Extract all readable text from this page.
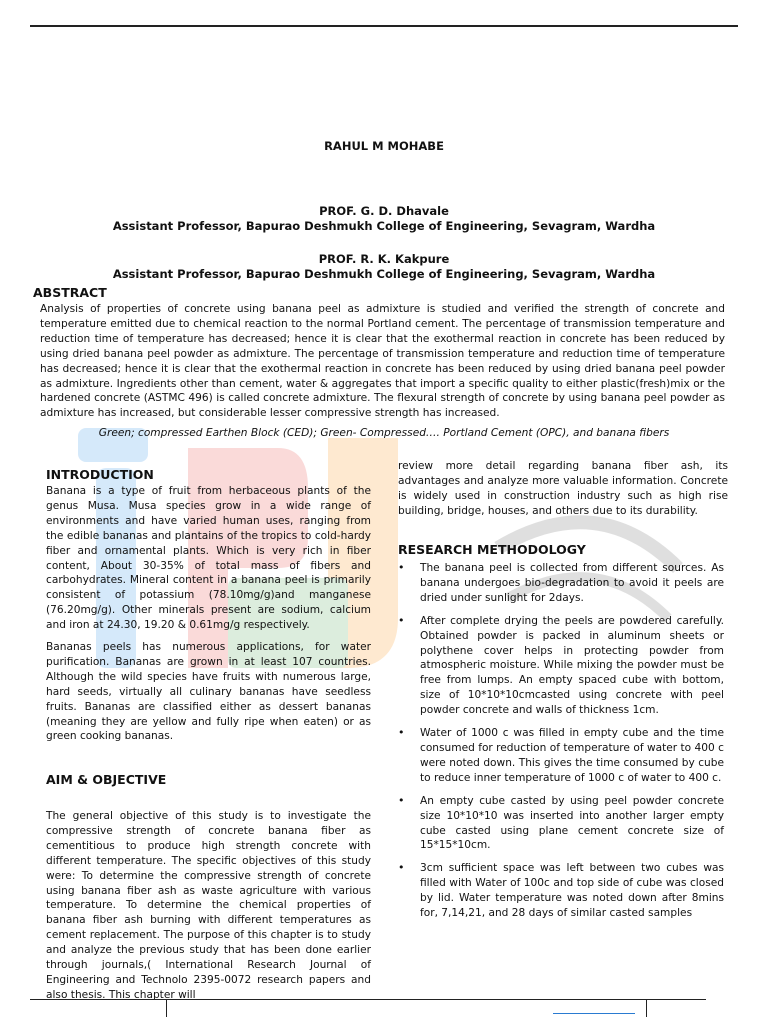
RAHUL M MOHABE
PROF. G. D. Dhavale
Assistant Professor, Bapurao Deshmukh College of Engineering, Sevagram, Wardha
PROF. R. K. Kakpure
Assistant Professor, Bapurao Deshmukh College of Engineering, Sevagram, Wardha
ABSTRACT

Analysis of properties of concrete using banana peel as admixture is studied and verified the strength of concrete and temperature emitted due to chemical reaction to the normal Portland cement. The percentage of transmission temperature and reduction time of temperature has decreased; hence it is clear that the exothermal reaction in concrete has been reduced by using dried banana peel powder as admixture. The percentage of transmission temperature and reduction time of temperature has decreased; hence it is clear that the exothermal reaction in concrete has been reduced by using dried banana peel powder as admixture. Ingredients other than cement, water & aggregates that import a specific quality to either plastic(fresh)mix or the hardened concrete (ASTMC 496) is called concrete admixture. The flexural strength of concrete by using banana peel powder as admixture has increased, but considerable lesser compressive strength has increased.

Green; compressed Earthen Block (CED); Green- Compressed…. Portland Cement (OPC), and banana fibers
INTRODUCTION

Banana is a type of fruit from herbaceous plants of the genus Musa. Musa species grow in a wide range of environments and have varied human uses, ranging from the edible bananas and plantains of the tropics to cold-hardy fiber and ornamental plants. Which is very rich in fiber content, About 30-35% of total mass of fibers and carbohydrates. Mineral content in a banana peel is primarily consistent of potassium (78.10mg/g)and manganese (76.20mg/g). Other minerals present are sodium, calcium and iron at 24.30, 19.20 & 0.61mg/g respectively.

Bananas peels has numerous applications, for water purification. Bananas are grown in at least 107 countries. Although the wild species have fruits with numerous large, hard seeds, virtually all culinary bananas have seedless fruits. Bananas are classified either as dessert bananas (meaning they are yellow and fully ripe when eaten) or as green cooking bananas.

AIM & OBJECTIVE

The general objective of this study is to investigate the compressive strength of concrete banana fiber as cementitious to produce high strength concrete with different temperature. The specific objectives of this study were: To determine the compressive strength of concrete using banana fiber ash as waste agriculture with various temperature. To determine the chemical properties of banana fiber ash burning with different temperatures as cement replacement. The purpose of this chapter is to study and analyze the previous study that has been done earlier through journals,( International Research Journal of Engineering and Technolo 2395-0072 research papers and also thesis. This chapter will

review more detail regarding banana fiber ash, its advantages and analyze more valuable information. Concrete is widely used in construction industry such as high rise building, bridge, houses, and others due to its durability.

RESEARCH METHODOLOGY
• The banana peel is collected from different sources. As banana undergoes bio-degradation to avoid it peels are dried under sunlight for 2days.
• After complete drying the peels are powdered carefully. Obtained powder is packed in aluminum sheets or polythene cover helps in protecting powder from atmospheric moisture. While mixing the powder must be free from lumps. An empty spaced cube with bottom, size of 10*10*10cmcasted using concrete with peel powder concrete and walls of thickness 1cm.
• Water of 1000 c was filled in empty cube and the time consumed for reduction of temperature of water to 400 c were noted down. This gives the time consumed by cube to reduce inner temperature of 1000 c of water to 400 c.
• An empty cube casted by using peel powder concrete size 10*10*10 was inserted into another larger empty cube casted using plane cement concrete size of 15*15*10cm.
• 3cm sufficient space was left between two cubes was filled with Water of 100c and top side of cube was closed by lid. Water temperature was noted down after 8mins for, 7,14,21, and 28 days of similar casted samples
